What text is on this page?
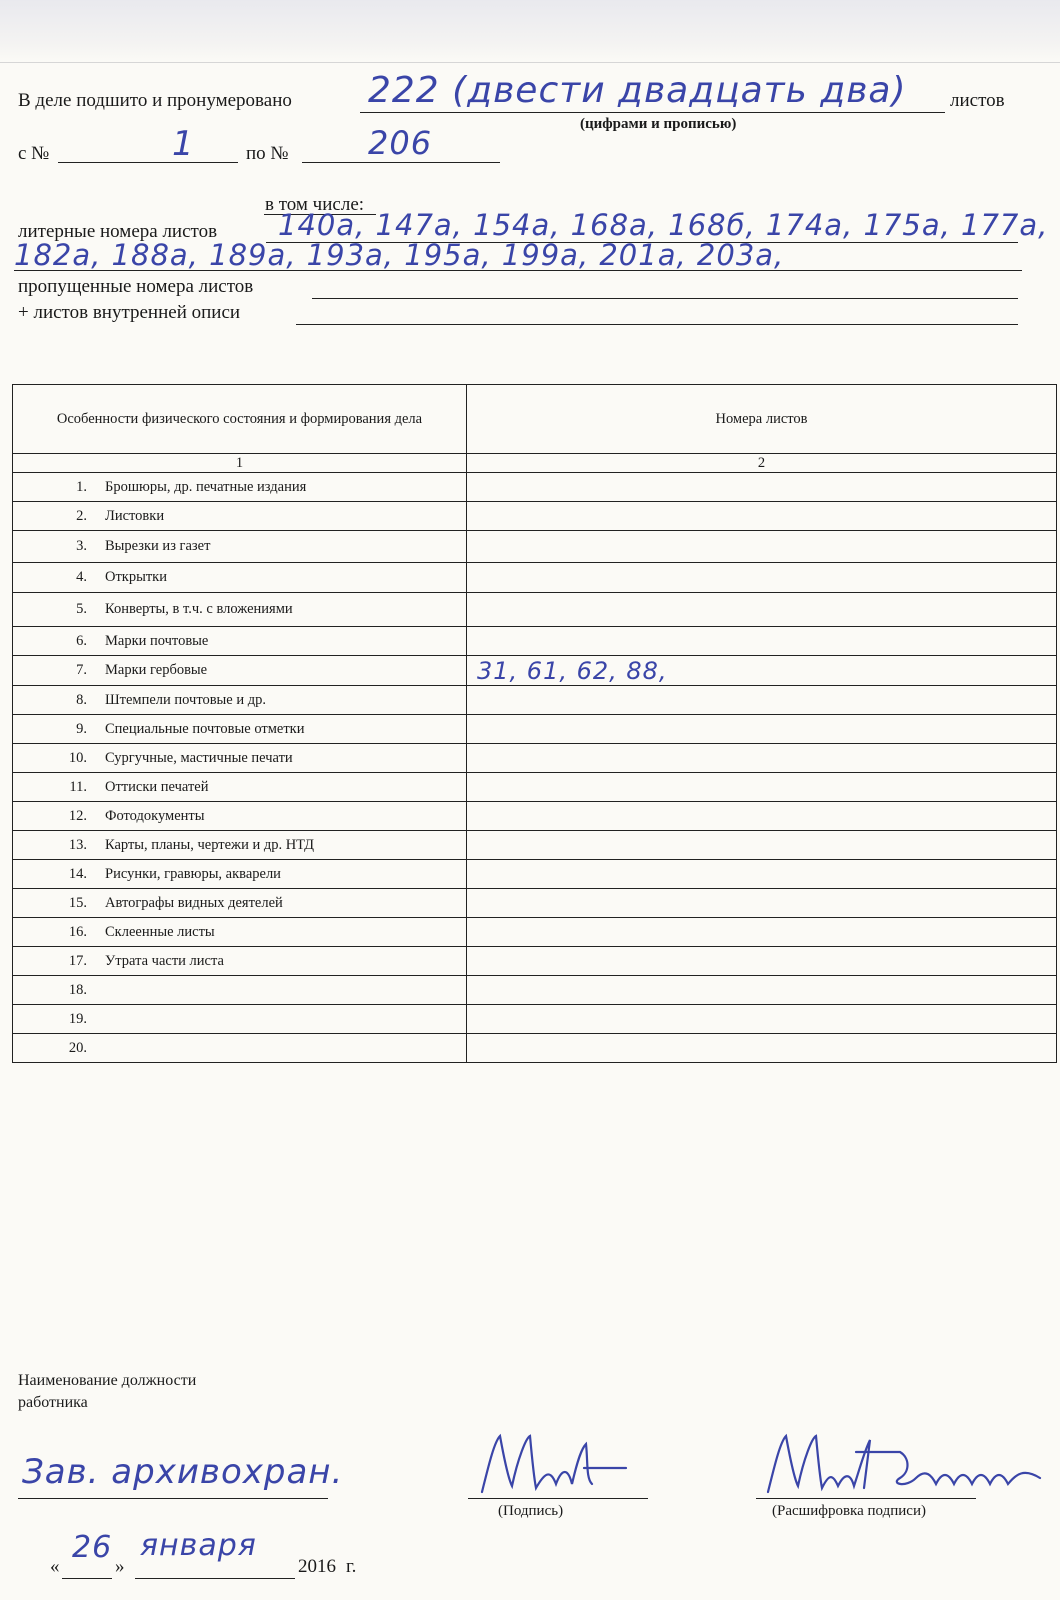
В деле подшито и пронумеровано 222 (двести двадцать два) листов
(цифрами и прописью)
с №	1	по № 206
в том числе:
литерные номера листов 140а, 147а, 154а, 168а, 168б, 174а, 175а, 177а,
182а, 188а, 189а, 193а, 195а, 199а, 201а, 203а,
пропущенные номера листов
+ листов внутренней описи
Особенности физического состояния и формирования дела	Номера листов
1	2
1. Брошюры, др. печатные издания	
2. Листовки	
3. Вырезки из газет	
4. Открытки	
5. Конверты, в т.ч. с вложениями	
6. Марки почтовые	
7. Марки гербовые	31, 61, 62, 88,
8. Штемпели почтовые и др.	
9. Специальные почтовые отметки	
10. Сургучные, мастичные печати	
11. Оттиски печатей	
12. Фотодокументы	
13. Карты, планы, чертежи и др. НТД	
14. Рисунки, гравюры, акварели	
15. Автографы видных деятелей	
16. Склеенные листы	
17. Утрата части листа	
18.	
19.	
20.	
Наименование должности
работника
Зав. архивохран.
(Подпись)	(Расшифровка подписи)
«
26
»
января
2016 г.
